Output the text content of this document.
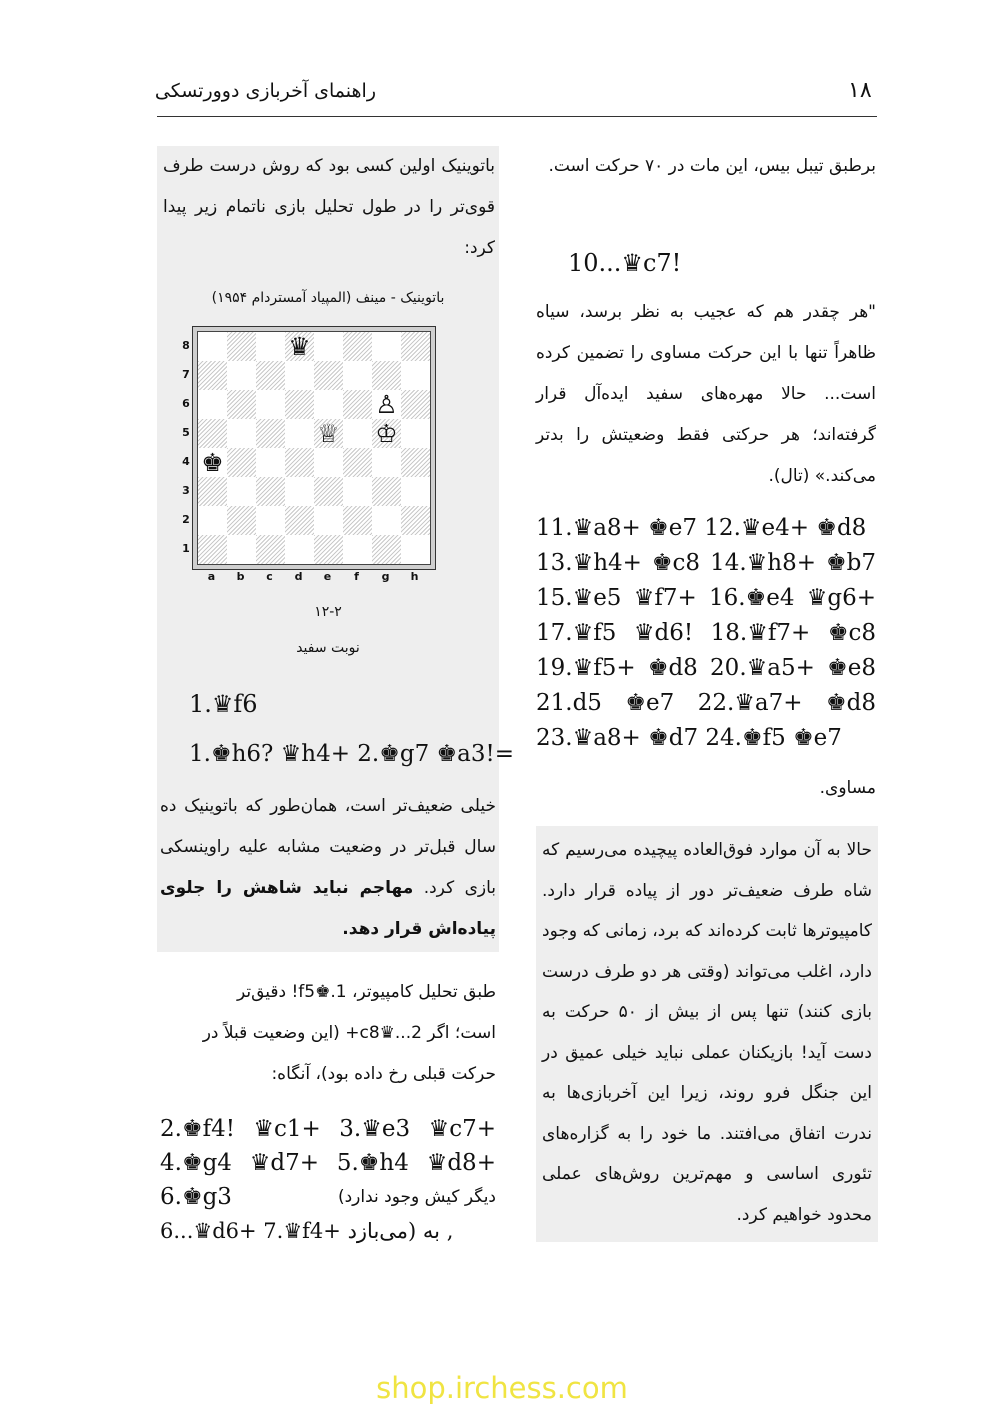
راهنمای آخربازی دوورتسکی	۱۸
برطبق تیبل بیس، این مات در ۷۰ حرکت است.
10...♛c7!
"هر چقدر هم که عجیب به نظر برسد، سیاه ظاهراً تنها با این حرکت مساوی را تضمین کرده است... حالا مهره‌های سفید ایده‌آل قرار گرفته‌اند؛ هر حرکتی فقط وضعیتش را بدتر می‌کند.» (تال).
11.♛a8+ ♚e7 12.♛e4+ ♚d8
13.♛h4+ ♚c8 14.♛h8+ ♚b7
15.♛e5 ♛f7+ 16.♚e4 ♛g6+
17.♛f5 ♛d6! 18.♛f7+ ♚c8
19.♛f5+ ♚d8 20.♛a5+ ♚e8
21.d5 ♚e7 22.♛a7+ ♚d8
23.♛a8+ ♚d7 24.♚f5 ♚e7
مساوی.
حالا به آن موارد فوق‌العاده پیچیده می‌رسیم که شاه طرف ضعیف‌تر دور از پیاده قرار دارد. کامپیوترها ثابت کرده‌اند که برد، زمانی که وجود دارد، اغلب می‌تواند (وقتی هر دو طرف درست بازی کنند) تنها پس از بیش از ۵۰ حرکت به دست آید! بازیکنان عملی نباید خیلی عمیق در این جنگل فرو روند، زیرا این آخربازی‌ها به ندرت اتفاق می‌افتند. ما خود را به گزاره‌های تئوری اساسی و مهم‌ترین روش‌های عملی محدود خواهیم کرد.
باتوینیک اولین کسی بود که روش درست طرف قوی‌تر را در طول تحلیل بازی ناتمام زیر پیدا کرد:
باتوینیک - مینف (المپیاد آمستردام ۱۹۵۴)
♛
♙
♕ ♔
♚
8
7
6
5
4
3
2
1
a	b	c	d	e	f	g	h
۱۲-۲
نوبت سفید
1.♛f6
1.♚h6? ♛h4+ 2.♚g7 ♚a3!=
خیلی ضعیف‌تر است، همان‌طور که باتوینیک ده سال قبل‌تر در وضعیت مشابه علیه راوینسکی بازی کرد. مهاجم نباید شاهش را جلوی پیاده‌اش قرار دهد.
طبق تحلیل کامپیوتر، 1.♚f5! دقیق‌تر
است؛ اگر 2...♛c8+ (این وضعیت قبلاً در
حرکت قبلی رخ داده بود)، آنگاه:
2.♚f4! ♛c1+ 3.♛e3 ♛c7+
4.♚g4 ♛d7+ 5.♚h4 ♛d8+
6.♚g3	دیگر کیش وجود ندارد)
6...♛d6+ 7.♛f4+ به (می‌بازد ,
shop.irchess.com
